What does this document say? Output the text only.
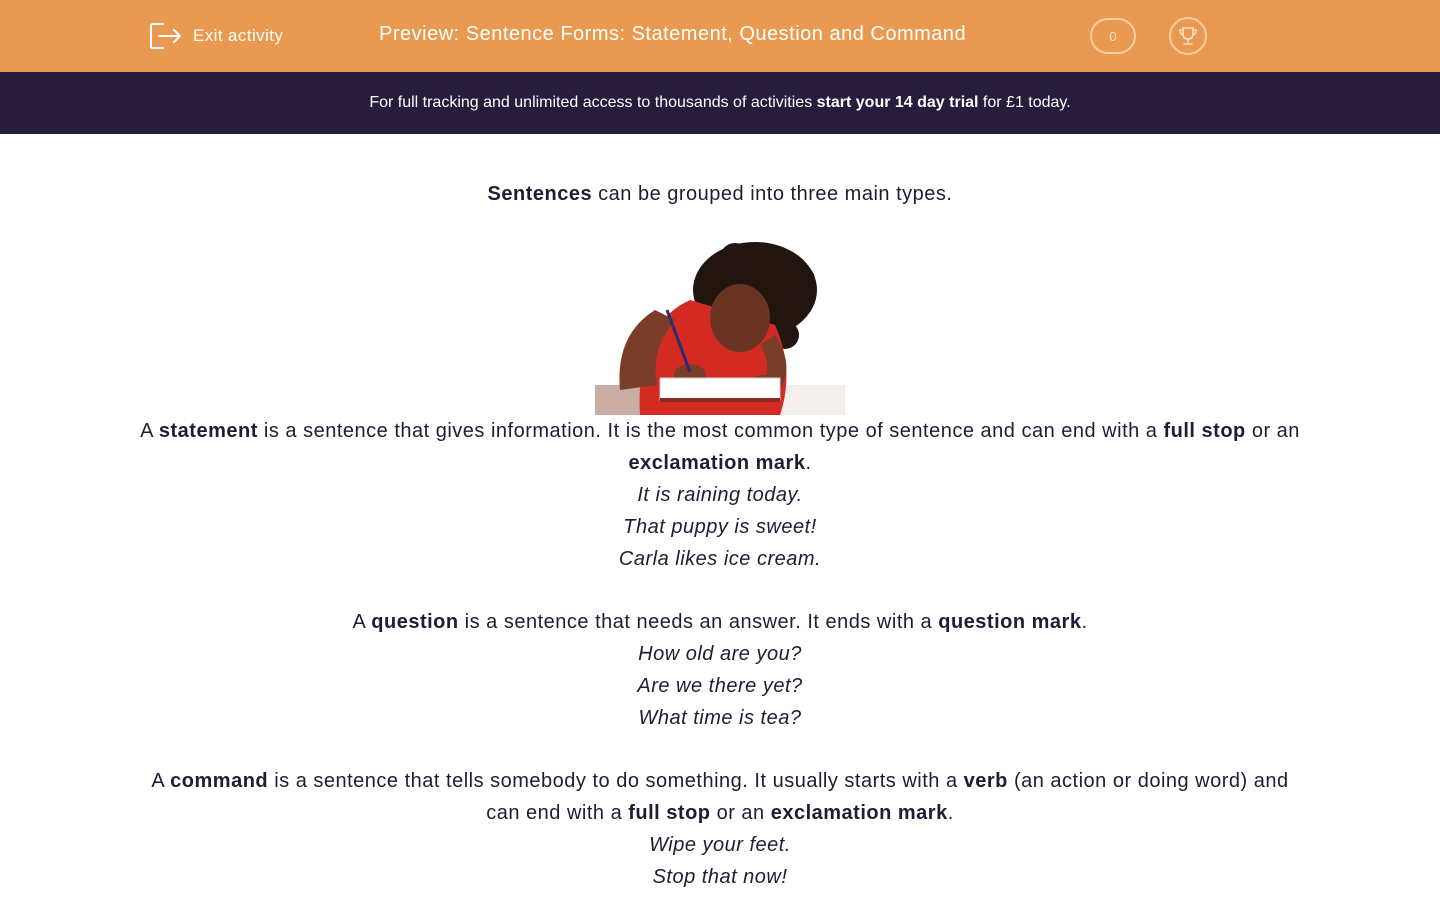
Exit activity	Preview: Sentence Forms: Statement, Question and Command	0
For full tracking and unlimited access to thousands of activities start your 14 day trial for £1 today.

Sentences can be grouped into three main types.

A statement is a sentence that gives information. It is the most common type of sentence and can end with a full stop or an exclamation mark.

It is raining today.

That puppy is sweet!

Carla likes ice cream.

A question is a sentence that needs an answer. It ends with a question mark.

How old are you?

Are we there yet?

What time is tea?

A command is a sentence that tells somebody to do something. It usually starts with a verb (an action or doing word) and can end with a full stop or an exclamation mark.

Wipe your feet.

Stop that now!
